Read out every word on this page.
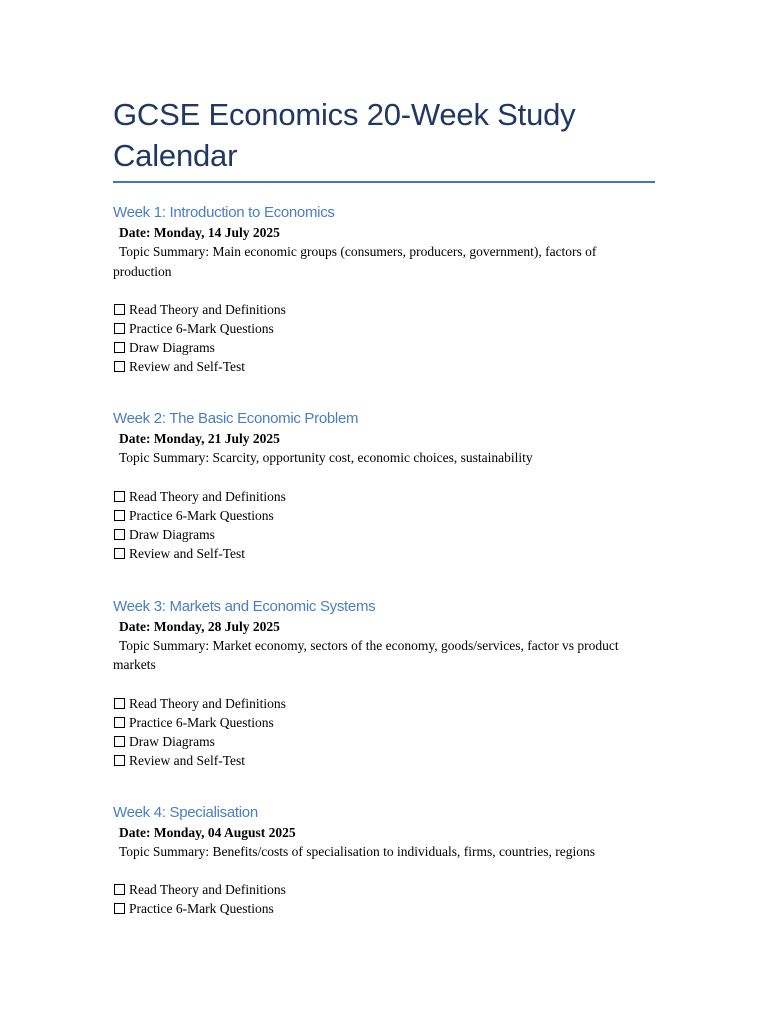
GCSE Economics 20-Week Study Calendar
Week 1: Introduction to Economics
Date: Monday, 14 July 2025
Topic Summary: Main economic groups (consumers, producers, government), factors of production
Read Theory and Definitions
Practice 6-Mark Questions
Draw Diagrams
Review and Self-Test
Week 2: The Basic Economic Problem
Date: Monday, 21 July 2025
Topic Summary: Scarcity, opportunity cost, economic choices, sustainability
Read Theory and Definitions
Practice 6-Mark Questions
Draw Diagrams
Review and Self-Test
Week 3: Markets and Economic Systems
Date: Monday, 28 July 2025
Topic Summary: Market economy, sectors of the economy, goods/services, factor vs product markets
Read Theory and Definitions
Practice 6-Mark Questions
Draw Diagrams
Review and Self-Test
Week 4: Specialisation
Date: Monday, 04 August 2025
Topic Summary: Benefits/costs of specialisation to individuals, firms, countries, regions
Read Theory and Definitions
Practice 6-Mark Questions
